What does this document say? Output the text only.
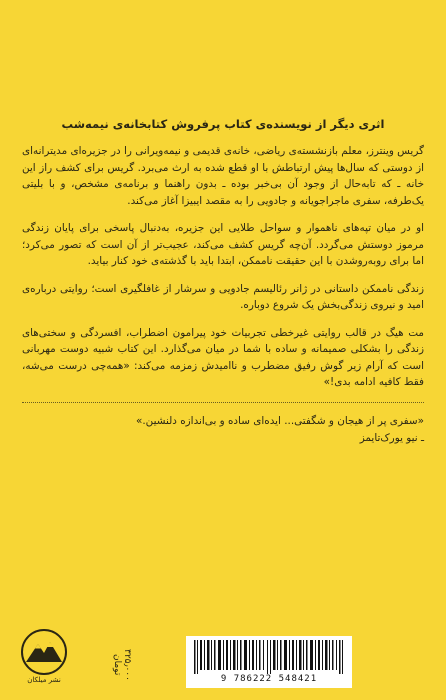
اثری دیگر از نویسنده‌ی کتاب پرفروش کتابخانه‌ی نیمه‌شب

گریس وینترز، معلم بازنشسته‌ی ریاضی، خانه‌ی قدیمی و نیمه‌ویرانی را در جزیره‌ای مدیترانه‌ای از دوستی که سال‌ها پیش ارتباطش با او قطع شده به ارث می‌برد. گریس برای کشف راز این خانه ـ که تابه‌حال از وجود آن بی‌خبر بوده ـ بدون راهنما و برنامه‌ی مشخص، و با بلیتی یک‌طرفه، سفری ماجراجویانه و جادویی را به مقصد ایبیزا آغاز می‌کند.

او در میان تپه‌های ناهموار و سواحل طلایی این جزیره، به‌دنبال پاسخی برای پایان زندگی مرموز دوستش می‌گردد. آن‌چه گریس کشف می‌کند، عجیب‌تر از آن است که تصور می‌کرد؛ اما برای روبه‌روشدن با این حقیقت ناممکن، ابتدا باید با گذشته‌ی خود کنار بیاید.

زندگی ناممکن داستانی در ژانر رئالیسم جادویی و سرشار از غافلگیری است؛ روایتی درباره‌ی امید و نیروی زندگی‌بخش یک شروع دوباره.

مت هیگ در قالب روایتی غیرخطی تجربیات خود پیرامون اضطراب، افسردگی و سختی‌های زندگی را بشکلی صمیمانه و ساده با شما در میان می‌گذارد. این کتاب شبیه دوست مهربانی است که آرام زیر گوش رفیق مضطرب و ناامیدش زمزمه می‌کند: «همه‌چی درست می‌شه، فقط کافیه ادامه بدی!»

«سفری پر از هیجان و شگفتی... ایده‌ای ساده و بی‌اندازه دلنشین.»

ـ نیو یورک‌تایمز

9 786222 548421
۳۲۵٫۰۰۰ تومان
نشر میلکان
